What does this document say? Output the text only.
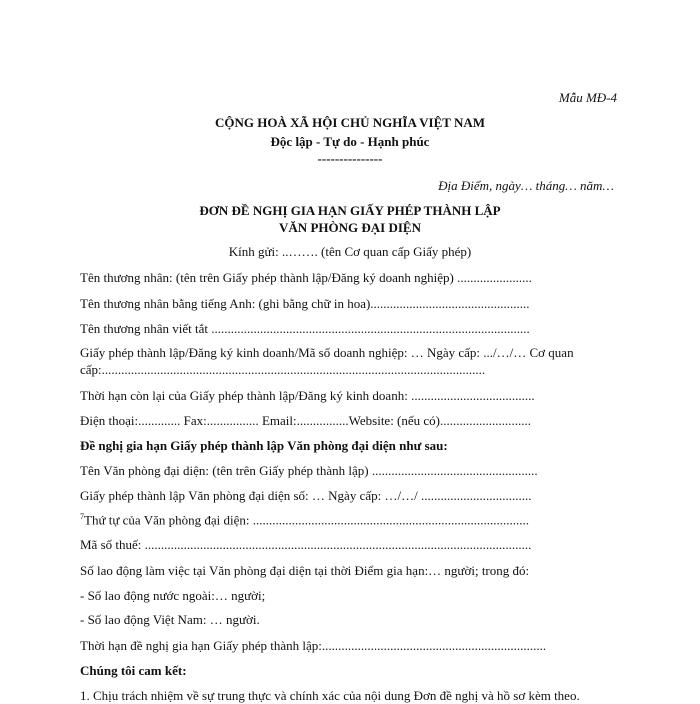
Mẫu MĐ-4
CỘNG HOÀ XÃ HỘI CHỦ NGHĨA VIỆT NAM
Độc lập - Tự do - Hạnh phúc
---------------
Địa Điểm, ngày… tháng… năm…
ĐƠN ĐỀ NGHỊ GIA HẠN GIẤY PHÉP THÀNH LẬP
VĂN PHÒNG ĐẠI DIỆN
Kính gửi: ..……. (tên Cơ quan cấp Giấy phép)
Tên thương nhân: (tên trên Giấy phép thành lập/Đăng ký doanh nghiệp) .......................
Tên thương nhân bằng tiếng Anh: (ghi bằng chữ in hoa).................................................
Tên thương nhân viết tắt ..................................................................................................
Giấy phép thành lập/Đăng ký kinh doanh/Mã số doanh nghiệp: … Ngày cấp: .../…/… Cơ quan
cấp:......................................................................................................................
Thời hạn còn lại của Giấy phép thành lập/Đăng ký kinh doanh: ......................................
Điện thoại:............. Fax:................ Email:................Website: (nếu có)............................
Đề nghị gia hạn Giấy phép thành lập Văn phòng đại diện như sau:
Tên Văn phòng đại diện: (tên trên Giấy phép thành lập) ...................................................
Giấy phép thành lập Văn phòng đại diện số: … Ngày cấp: …/…/ ..................................
$^7$Thứ tự của Văn phòng đại diện: .....................................................................................
Mã số thuế: .......................................................................................................................
Số lao động làm việc tại Văn phòng đại diện tại thời Điểm gia hạn:… người; trong đó:
- Số lao động nước ngoài:… người;
- Số lao động Việt Nam: … người.
Thời hạn đề nghị gia hạn Giấy phép thành lập:.....................................................................
Chúng tôi cam kết:
1. Chịu trách nhiệm về sự trung thực và chính xác của nội dung Đơn đề nghị và hồ sơ kèm theo.
